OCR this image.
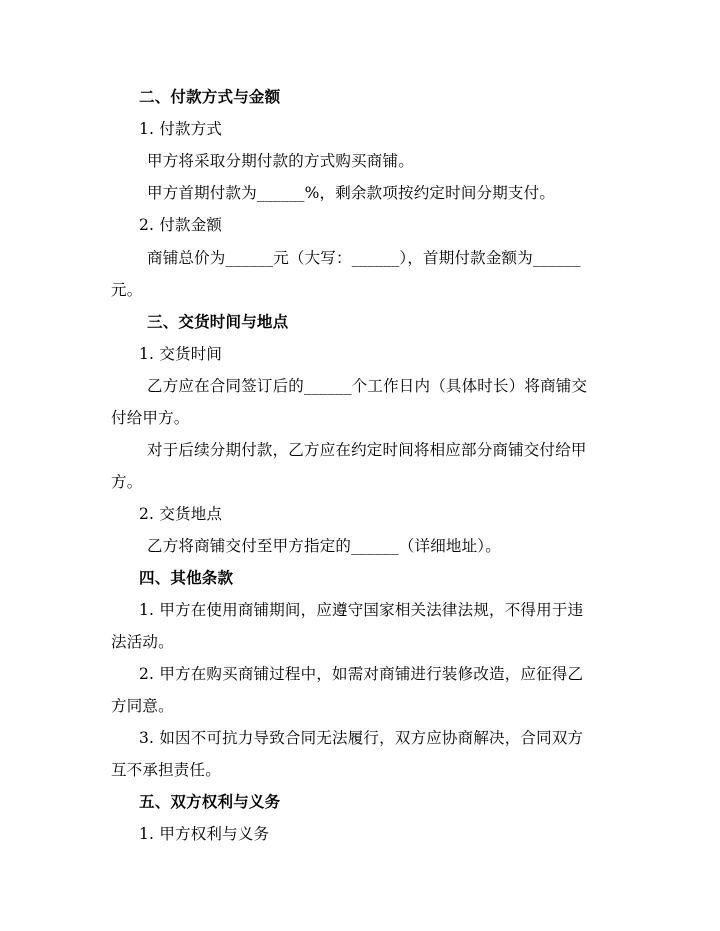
二、付款方式与金额
1. 付款方式
甲方将采取分期付款的方式购买商铺。
甲方首期付款为______%，剩余款项按约定时间分期支付。
2. 付款金额
商铺总价为______元（大写：______），首期付款金额为______
元。
三、交货时间与地点
1. 交货时间
乙方应在合同签订后的______个工作日内（具体时长）将商铺交
付给甲方。
对于后续分期付款，乙方应在约定时间将相应部分商铺交付给甲
方。
2. 交货地点
乙方将商铺交付至甲方指定的______（详细地址）。
四、其他条款
1. 甲方在使用商铺期间，应遵守国家相关法律法规，不得用于违
法活动。
2. 甲方在购买商铺过程中，如需对商铺进行装修改造，应征得乙
方同意。
3. 如因不可抗力导致合同无法履行，双方应协商解决，合同双方
互不承担责任。
五、双方权利与义务
1. 甲方权利与义务
